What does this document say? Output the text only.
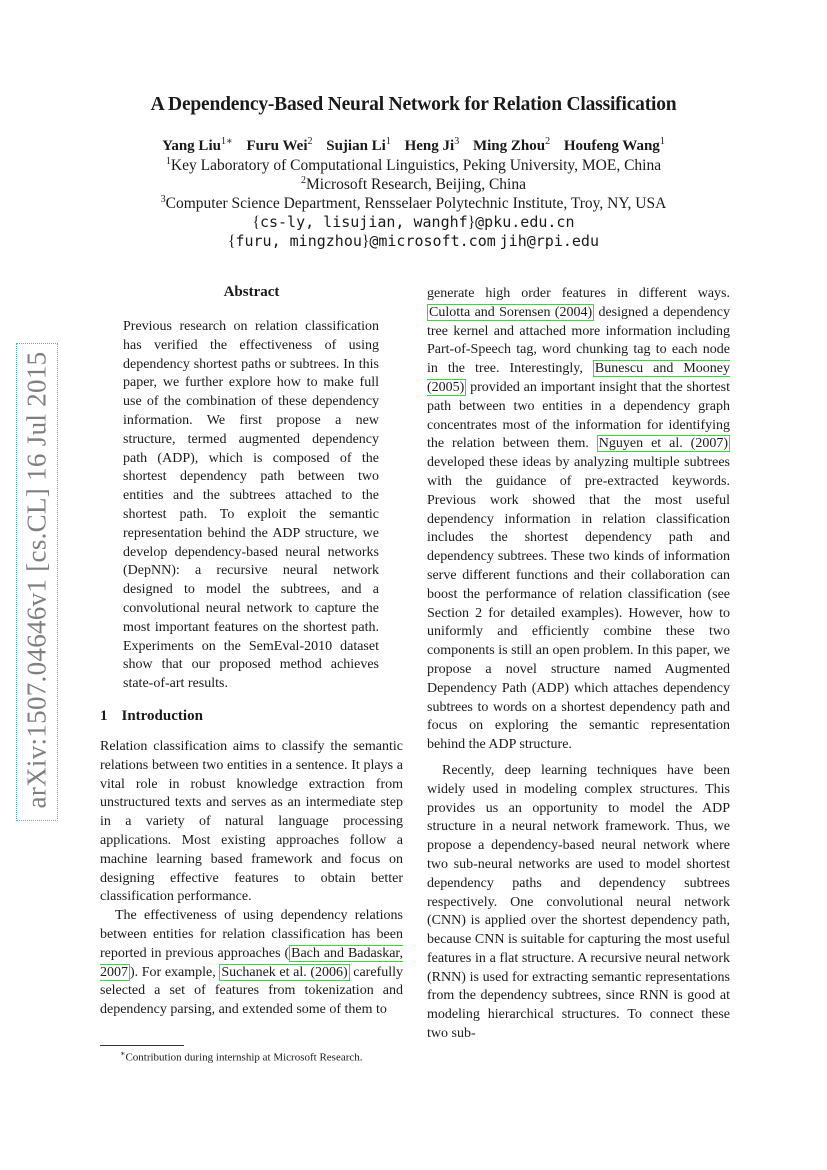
A Dependency-Based Neural Network for Relation Classification
Yang Liu$^{1∗}$ Furu Wei$^2$ Sujian Li$^1$ Heng Ji$^3$ Ming Zhou$^2$ Houfeng Wang$^1$
$^1$Key Laboratory of Computational Linguistics, Peking University, MOE, China
$^2$Microsoft Research, Beijing, China
$^3$Computer Science Department, Rensselaer Polytechnic Institute, Troy, NY, USA
{cs-ly, lisujian, wanghf}@pku.edu.cn
{furu, mingzhou}@microsoft.com jih@rpi.edu
arXiv:1507.04646v1 [cs.CL] 16 Jul 2015
Abstract
Previous research on relation classification has verified the effectiveness of using dependency shortest paths or subtrees. In this paper, we further explore how to make full use of the combination of these dependency information. We first propose a new structure, termed augmented dependency path (ADP), which is composed of the shortest dependency path between two entities and the subtrees attached to the shortest path. To exploit the semantic representation behind the ADP structure, we develop dependency-based neural networks (DepNN): a recursive neural network designed to model the subtrees, and a convolutional neural network to capture the most important features on the shortest path. Experiments on the SemEval-2010 dataset show that our proposed method achieves state-of-art results.
1 Introduction

Relation classification aims to classify the semantic relations between two entities in a sentence. It plays a vital role in robust knowledge extraction from unstructured texts and serves as an intermediate step in a variety of natural language processing applications. Most existing approaches follow a machine learning based framework and focus on designing effective features to obtain better classification performance.

The effectiveness of using dependency relations between entities for relation classification has been reported in previous approaches ( Bach and Badaskar, 2007 ). For example, Suchanek et al. (2006) carefully selected a set of features from tokenization and dependency parsing, and extended some of them to

generate high order features in different ways. Culotta and Sorensen (2004) designed a dependency tree kernel and attached more information including Part-of-Speech tag, word chunking tag to each node in the tree. Interestingly, Bunescu and Mooney (2005) provided an important insight that the shortest path between two entities in a dependency graph concentrates most of the information for identifying the relation between them. Nguyen et al. (2007) developed these ideas by analyzing multiple subtrees with the guidance of pre-extracted keywords. Previous work showed that the most useful dependency information in relation classification includes the shortest dependency path and dependency subtrees. These two kinds of information serve different functions and their collaboration can boost the performance of relation classification (see Section 2 for detailed examples). However, how to uniformly and efficiently combine these two components is still an open problem. In this paper, we propose a novel structure named Augmented Dependency Path (ADP) which attaches dependency subtrees to words on a shortest dependency path and focus on exploring the semantic representation behind the ADP structure.

Recently, deep learning techniques have been widely used in modeling complex structures. This provides us an opportunity to model the ADP structure in a neural network framework. Thus, we propose a dependency-based neural network where two sub-neural networks are used to model shortest dependency paths and dependency subtrees respectively. One convolutional neural network (CNN) is applied over the shortest dependency path, because CNN is suitable for capturing the most useful features in a flat structure. A recursive neural network (RNN) is used for extracting semantic representations from the dependency subtrees, since RNN is good at modeling hierarchical structures. To connect these two sub-

∗Contribution during internship at Microsoft Research.
